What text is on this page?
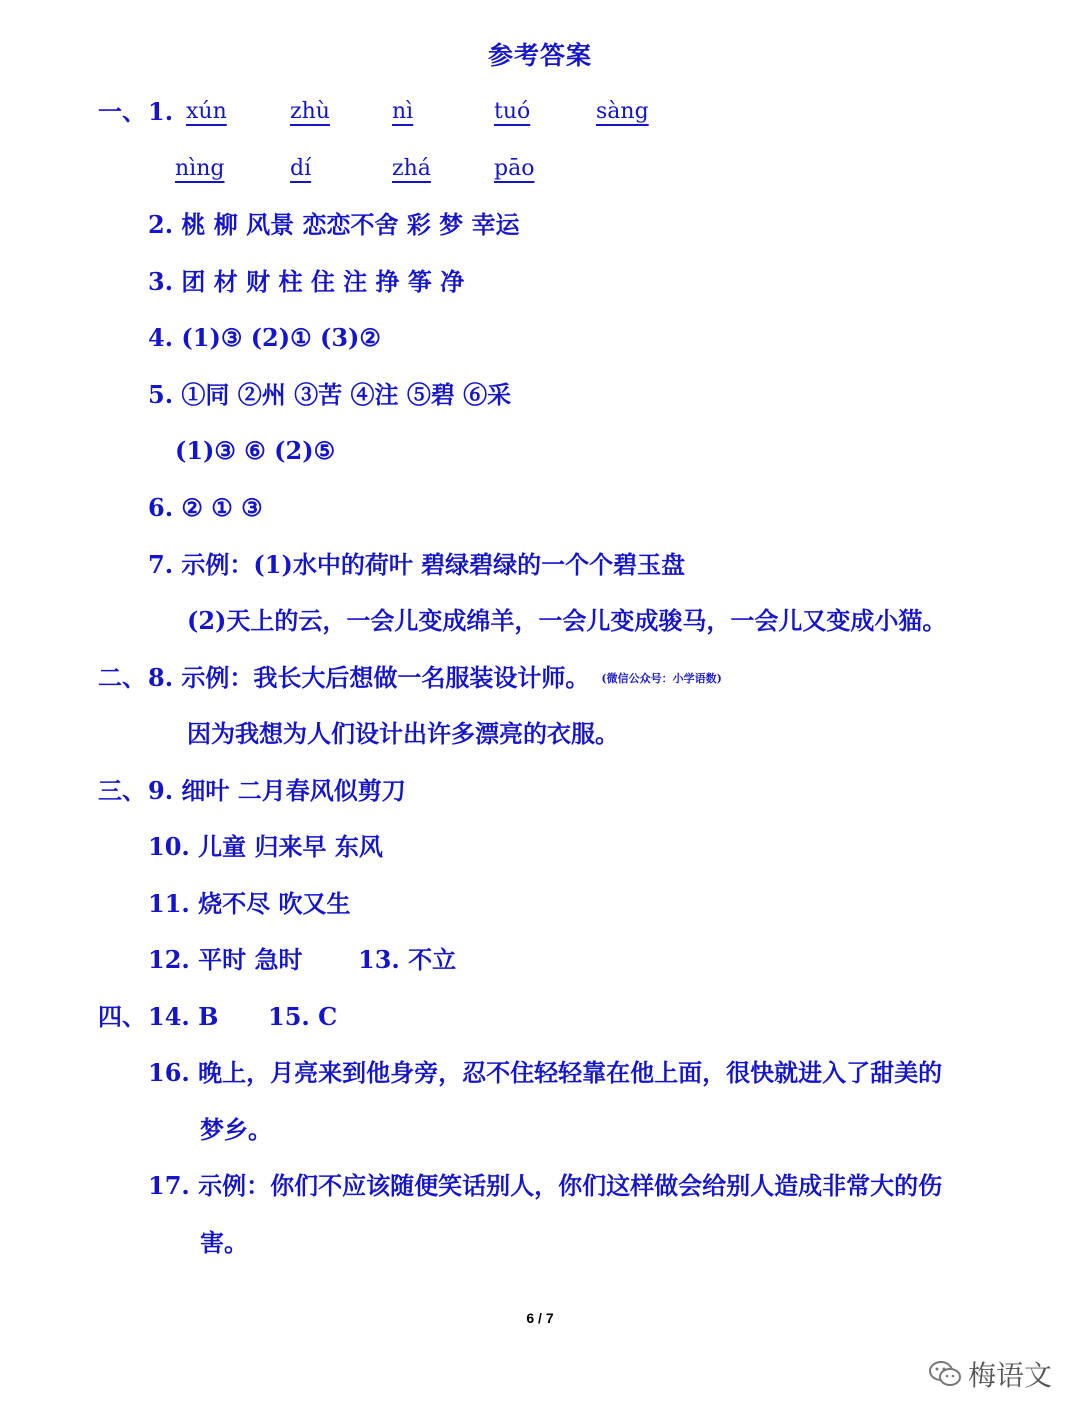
参考答案
一、 1. xún	zhù	nì	tuó	sàng
nìng	dí	zhá	pāo
2. 桃 柳 风景 恋恋不舍 彩 梦 幸运
3. 团 材 财 柱 住 注 挣 筝 净
4. (1)③ (2)① (3)②
5. ①同 ②州 ③苦 ④注 ⑤碧 ⑥采
(1)③ ⑥ (2)⑤
6. ② ① ③
7. 示例：(1)水中的荷叶 碧绿碧绿的一个个碧玉盘
(2)天上的云，一会儿变成绵羊，一会儿变成骏马，一会儿又变成小猫。
二、 8. 示例：我长大后想做一名服装设计师。 (微信公众号：小学语数)
因为我想为人们设计出许多漂亮的衣服。
三、 9. 细叶 二月春风似剪刀
10. 儿童 归来早 东风
11. 烧不尽 吹又生
12. 平时 急时 13. 不立
四、 14. B 15. C
16. 晚上，月亮来到他身旁，忍不住轻轻靠在他上面，很快就进入了甜美的
梦乡。
17. 示例：你们不应该随便笑话别人，你们这样做会给别人造成非常大的伤
害。
6 / 7
梅语文
